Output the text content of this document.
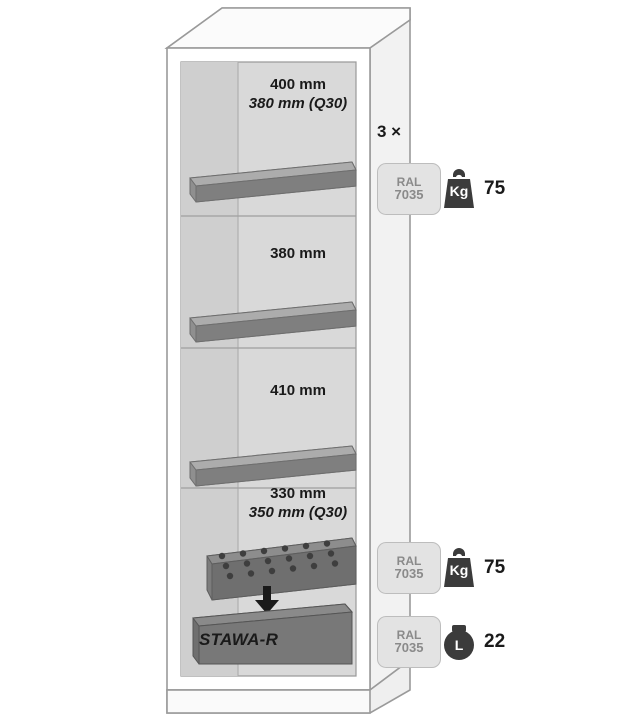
400 mm
380 mm (Q30)
380 mm
410 mm
330 mm
350 mm (Q30)
STAWA-R
3 ×
RAL
7035 Kg 75
RAL
7035 Kg 75
RAL
7035 L 22
